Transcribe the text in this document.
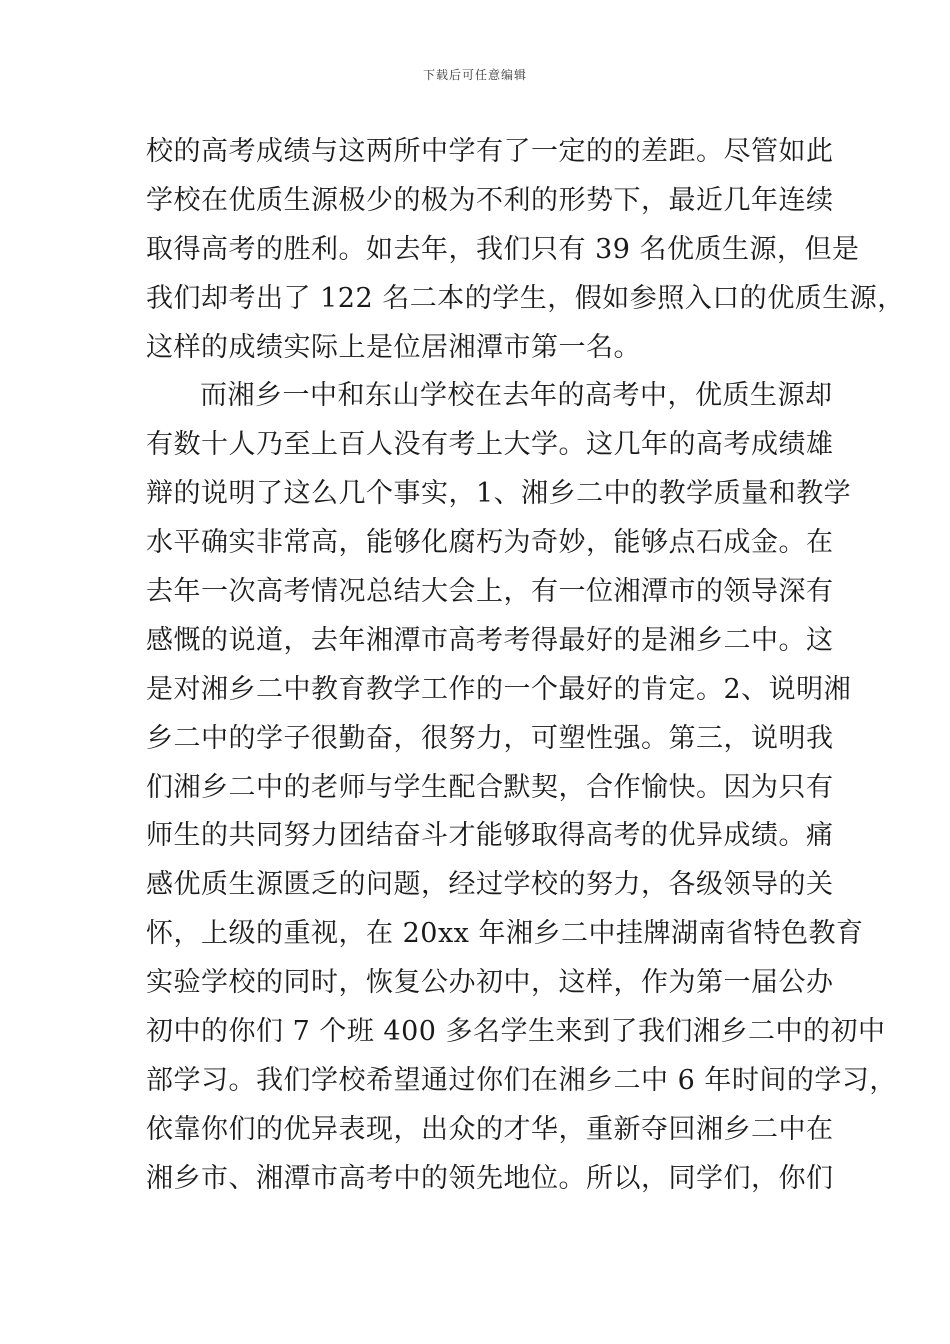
下载后可任意编辑
校的高考成绩与这两所中学有了一定的的差距。尽管如此
学校在优质生源极少的极为不利的形势下，最近几年连续
取得高考的胜利。如去年，我们只有 39 名优质生源，但是
我们却考出了 122 名二本的学生，假如参照入口的优质生源，
这样的成绩实际上是位居湘潭市第一名。
而湘乡一中和东山学校在去年的高考中，优质生源却
有数十人乃至上百人没有考上大学。这几年的高考成绩雄
辩的说明了这么几个事实，1、湘乡二中的教学质量和教学
水平确实非常高，能够化腐朽为奇妙，能够点石成金。在
去年一次高考情况总结大会上，有一位湘潭市的领导深有
感慨的说道，去年湘潭市高考考得最好的是湘乡二中。这
是对湘乡二中教育教学工作的一个最好的肯定。2、说明湘
乡二中的学子很勤奋，很努力，可塑性强。第三，说明我
们湘乡二中的老师与学生配合默契，合作愉快。因为只有
师生的共同努力团结奋斗才能够取得高考的优异成绩。痛
感优质生源匮乏的问题，经过学校的努力，各级领导的关
怀，上级的重视，在 20xx 年湘乡二中挂牌湖南省特色教育
实验学校的同时，恢复公办初中，这样，作为第一届公办
初中的你们 7 个班 400 多名学生来到了我们湘乡二中的初中
部学习。我们学校希望通过你们在湘乡二中 6 年时间的学习，
依靠你们的优异表现，出众的才华，重新夺回湘乡二中在
湘乡市、湘潭市高考中的领先地位。所以，同学们，你们
